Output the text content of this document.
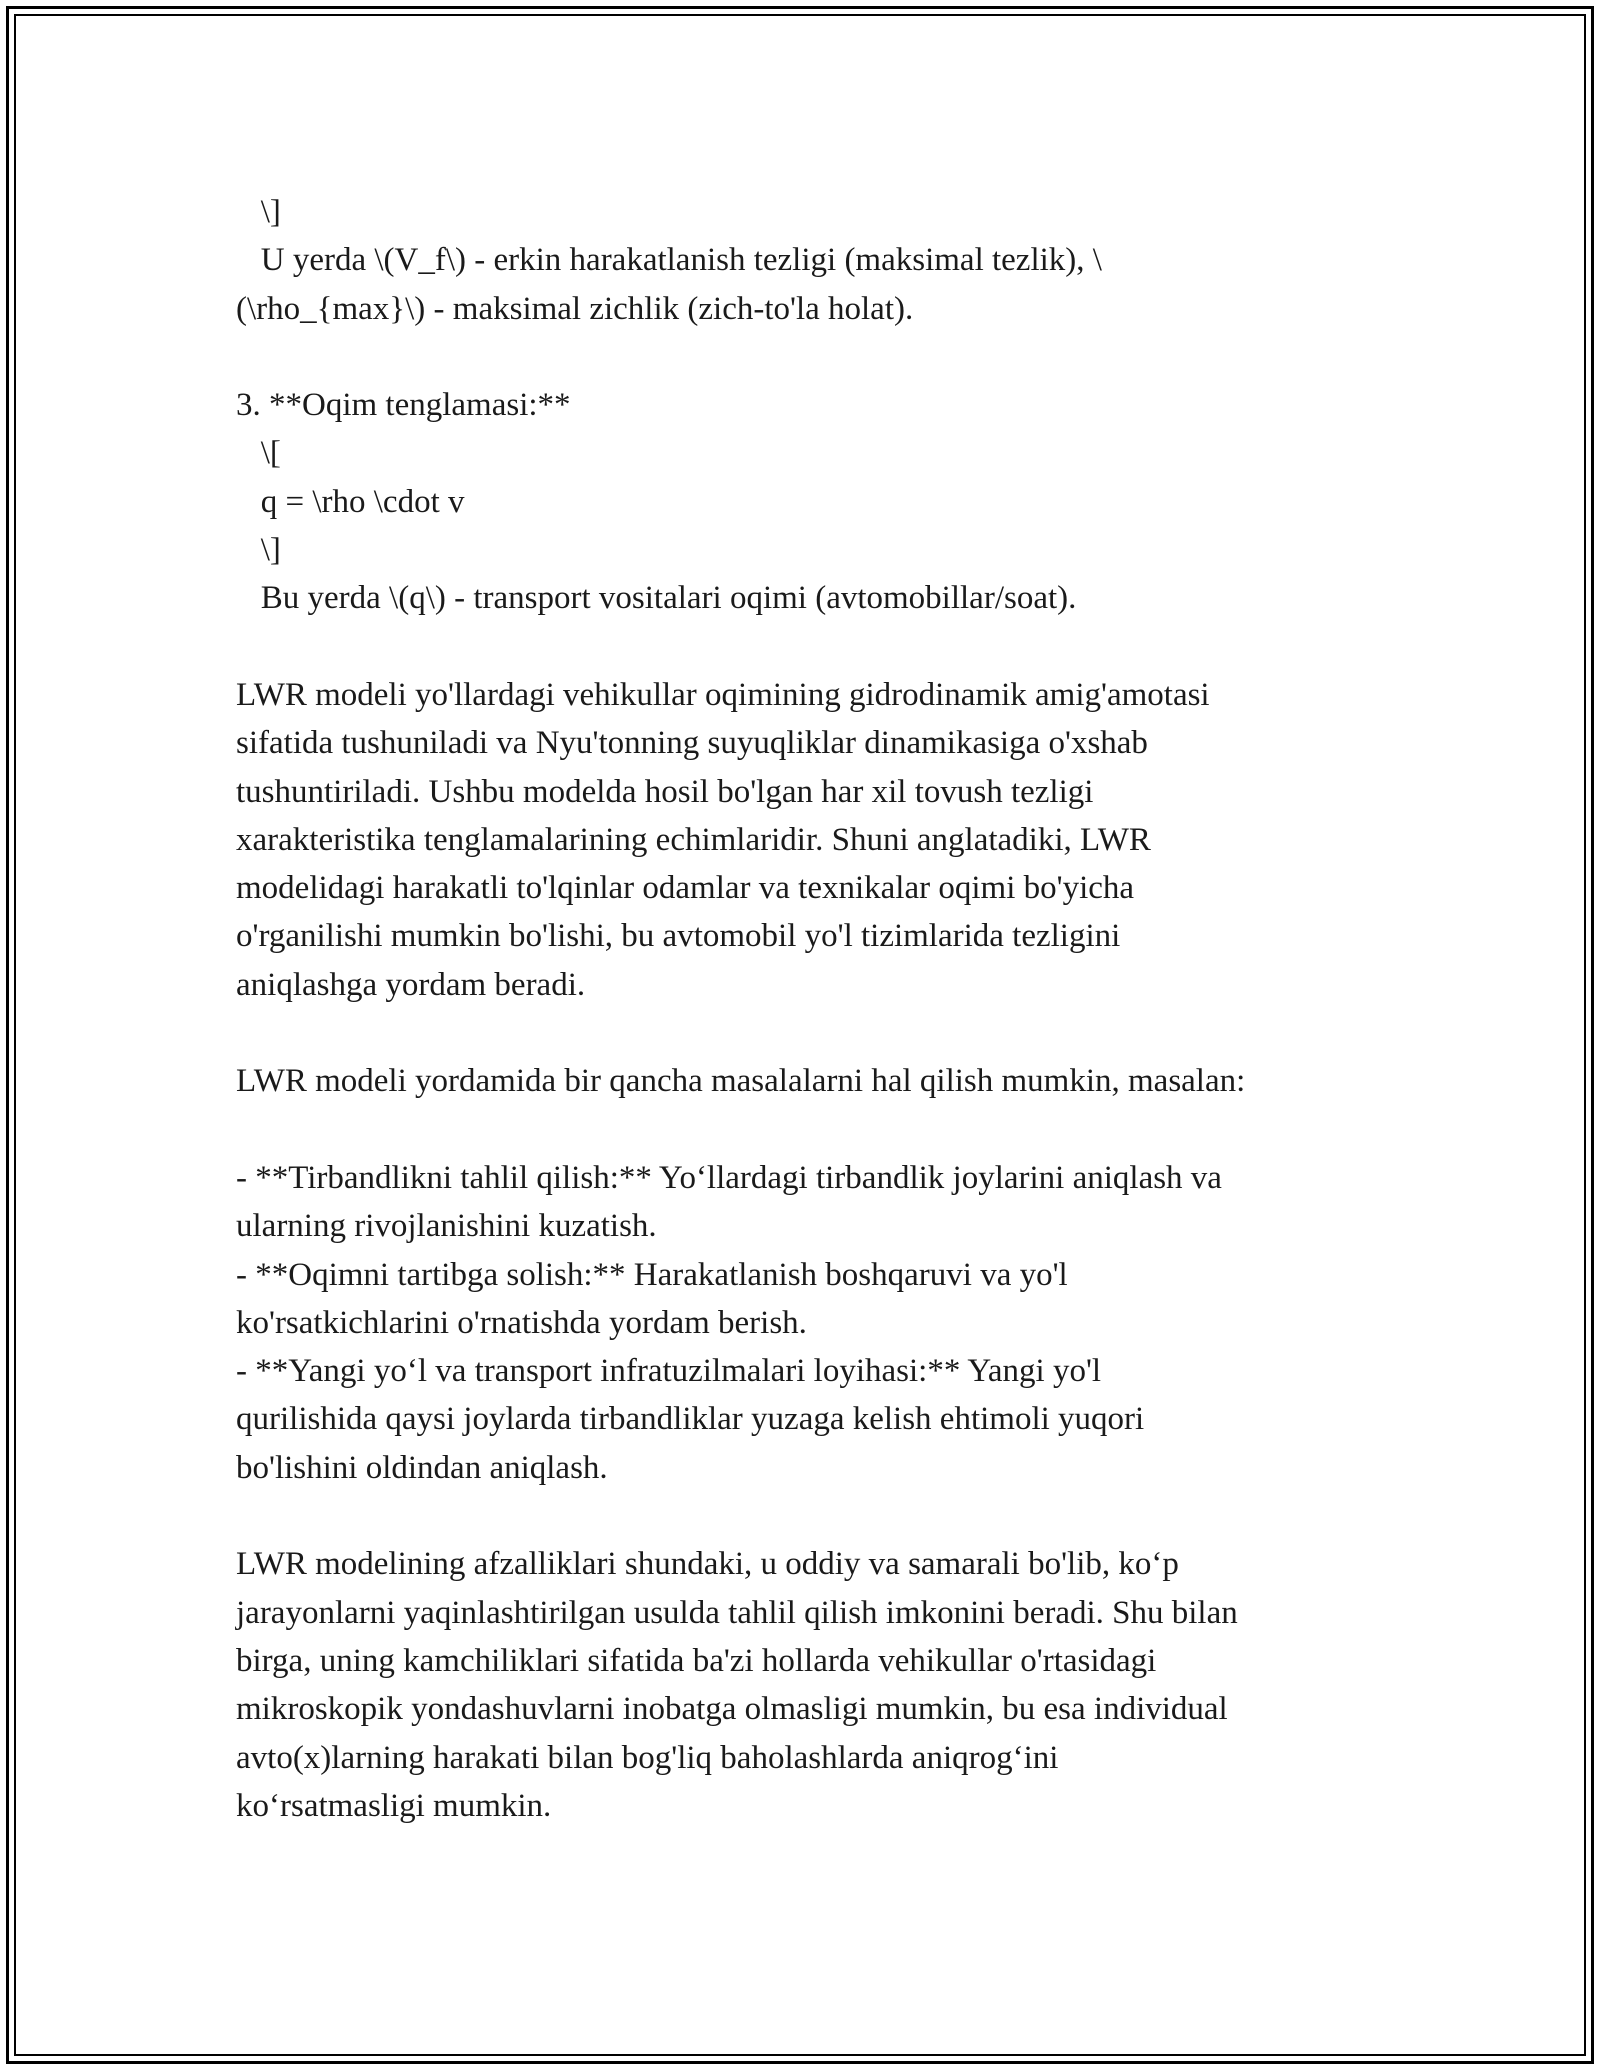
\]
U yerda \(V_f\) - erkin harakatlanish tezligi (maksimal tezlik), \
(\rho_{max}\) - maksimal zichlik (zich-to'la holat).
3. **Oqim tenglamasi:**
\[
q = \rho \cdot v
\]
Bu yerda \(q\) - transport vositalari oqimi (avtomobillar/soat).
LWR modeli yo'llardagi vehikullar oqimining gidrodinamik amig'amotasi
sifatida tushuniladi va Nyu'tonning suyuqliklar dinamikasiga o'xshab
tushuntiriladi. Ushbu modelda hosil bo'lgan har xil tovush tezligi
xarakteristika tenglamalarining echimlaridir. Shuni anglatadiki, LWR
modelidagi harakatli to'lqinlar odamlar va texnikalar oqimi bo'yicha
o'rganilishi mumkin bo'lishi, bu avtomobil yo'l tizimlarida tezligini
aniqlashga yordam beradi.
LWR modeli yordamida bir qancha masalalarni hal qilish mumkin, masalan:
- **Tirbandlikni tahlil qilish:** Yo‘llardagi tirbandlik joylarini aniqlash va
ularning rivojlanishini kuzatish.
- **Oqimni tartibga solish:** Harakatlanish boshqaruvi va yo'l
ko'rsatkichlarini o'rnatishda yordam berish.
- **Yangi yo‘l va transport infratuzilmalari loyihasi:** Yangi yo'l
qurilishida qaysi joylarda tirbandliklar yuzaga kelish ehtimoli yuqori
bo'lishini oldindan aniqlash.
LWR modelining afzalliklari shundaki, u oddiy va samarali bo'lib, ko‘p
jarayonlarni yaqinlashtirilgan usulda tahlil qilish imkonini beradi. Shu bilan
birga, uning kamchiliklari sifatida ba'zi hollarda vehikullar o'rtasidagi
mikroskopik yondashuvlarni inobatga olmasligi mumkin, bu esa individual
avto(x)larning harakati bilan bog'liq baholashlarda aniqrog‘ini
ko‘rsatmasligi mumkin.
